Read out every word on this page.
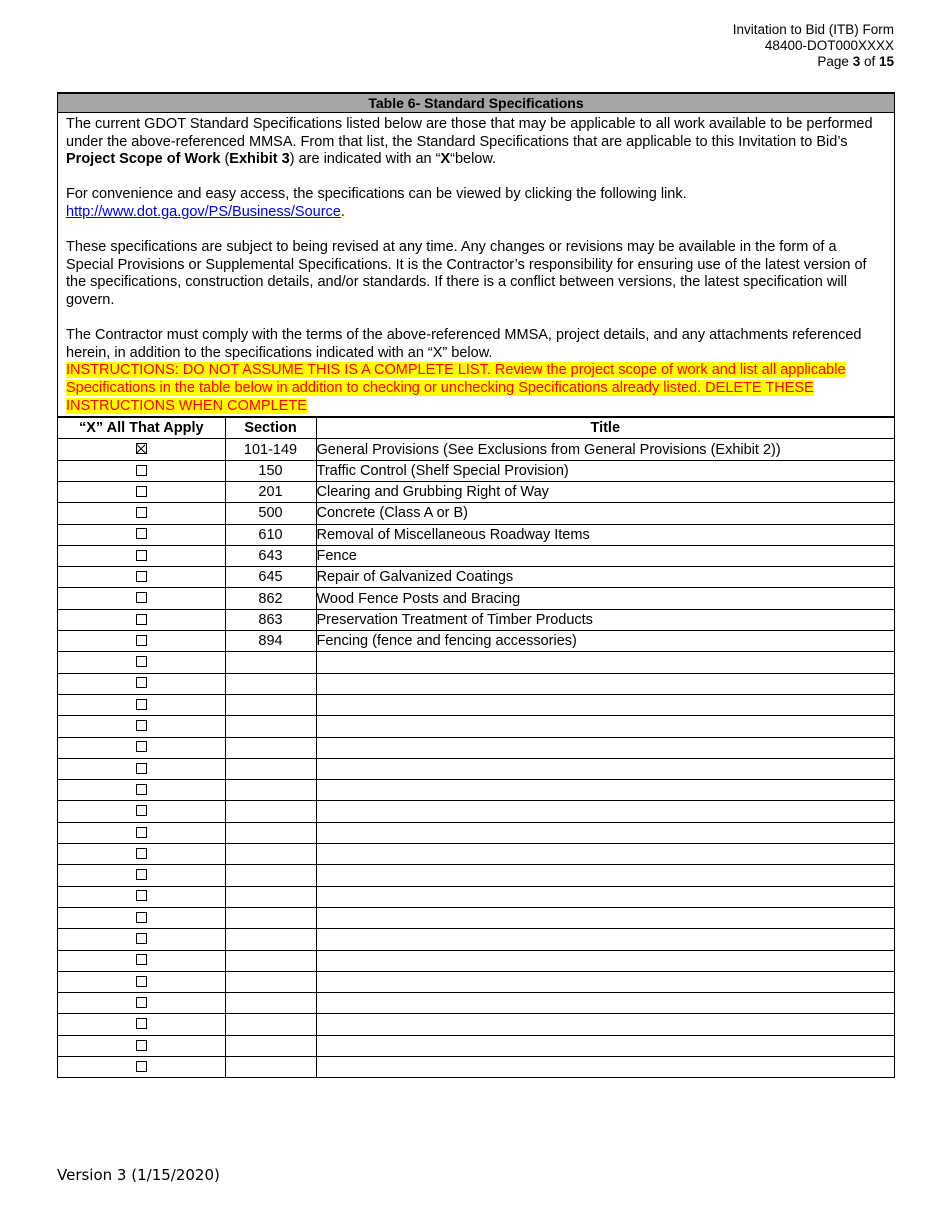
Invitation to Bid (ITB) Form
48400-DOT000XXXX
Page 3 of 15
Table 6- Standard Specifications

The current GDOT Standard Specifications listed below are those that may be applicable to all work available to be performed under the above-referenced MMSA. From that list, the Standard Specifications that are applicable to this Invitation to Bid’s Project Scope of Work (Exhibit 3) are indicated with an “X“below.

For convenience and easy access, the specifications can be viewed by clicking the following link.
http://www.dot.ga.gov/PS/Business/Source.

These specifications are subject to being revised at any time. Any changes or revisions may be available in the form of a Special Provisions or Supplemental Specifications. It is the Contractor’s responsibility for ensuring use of the latest version of the specifications, construction details, and/or standards. If there is a conflict between versions, the latest specification will govern.

The Contractor must comply with the terms of the above-referenced MMSA, project details, and any attachments referenced herein, in addition to the specifications indicated with an “X” below.

INSTRUCTIONS: DO NOT ASSUME THIS IS A COMPLETE LIST. Review the project scope of work and list all applicable Specifications in the table below in addition to checking or unchecking Specifications already listed. DELETE THESE INSTRUCTIONS WHEN COMPLETE
“X” All That Apply	Section	Title
	101-149	General Provisions (See Exclusions from General Provisions (Exhibit 2))
	150	Traffic Control (Shelf Special Provision)
	201	Clearing and Grubbing Right of Way
	500	Concrete (Class A or B)
	610	Removal of Miscellaneous Roadway Items
	643	Fence
	645	Repair of Galvanized Coatings
	862	Wood Fence Posts and Bracing
	863	Preservation Treatment of Timber Products
	894	Fencing (fence and fencing accessories)

Version 3 (1/15/2020)
